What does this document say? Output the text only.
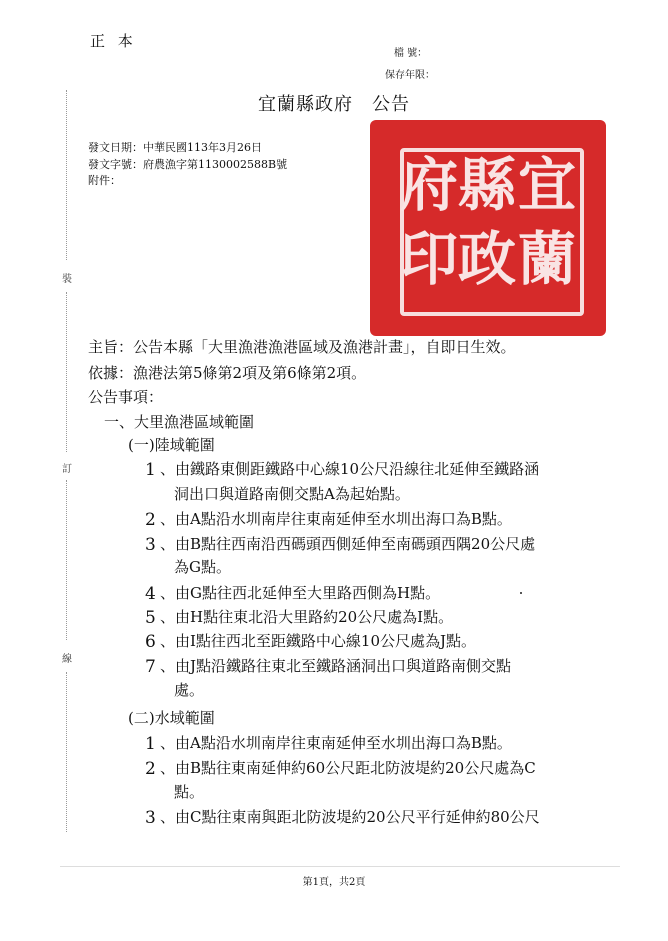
正 本
檔 號：
保存年限：
宜蘭縣政府　公告
發文日期：中華民國113年3月26日
發文字號：府農漁字第1130002588B號
附件：
裝
訂
線
宜
蘭
縣
政
府
印
主旨：公告本縣「大里漁港漁港區域及漁港計畫」，自即日生效。
依據：漁港法第5條第2項及第6條第2項。
公告事項：
一、大里漁港區域範圍
(一)陸域範圍
1 、由鐵路東側距鐵路中心線10公尺沿線往北延伸至鐵路涵
洞出口與道路南側交點A為起始點。
2 、由A點沿水圳南岸往東南延伸至水圳出海口為B點。
3 、由B點往西南沿西碼頭西側延伸至南碼頭西隅20公尺處
為G點。
4 、由G點往西北延伸至大里路西側為H點。
5 、由H點往東北沿大里路約20公尺處為I點。
6 、由I點往西北至距鐵路中心線10公尺處為J點。
7 、由J點沿鐵路往東北至鐵路涵洞出口與道路南側交點
處。
(二)水域範圍
1 、由A點沿水圳南岸往東南延伸至水圳出海口為B點。
2 、由B點往東南延伸約60公尺距北防波堤約20公尺處為C
點。
3 、由C點往東南與距北防波堤約20公尺平行延伸約80公尺
第1頁，共2頁
